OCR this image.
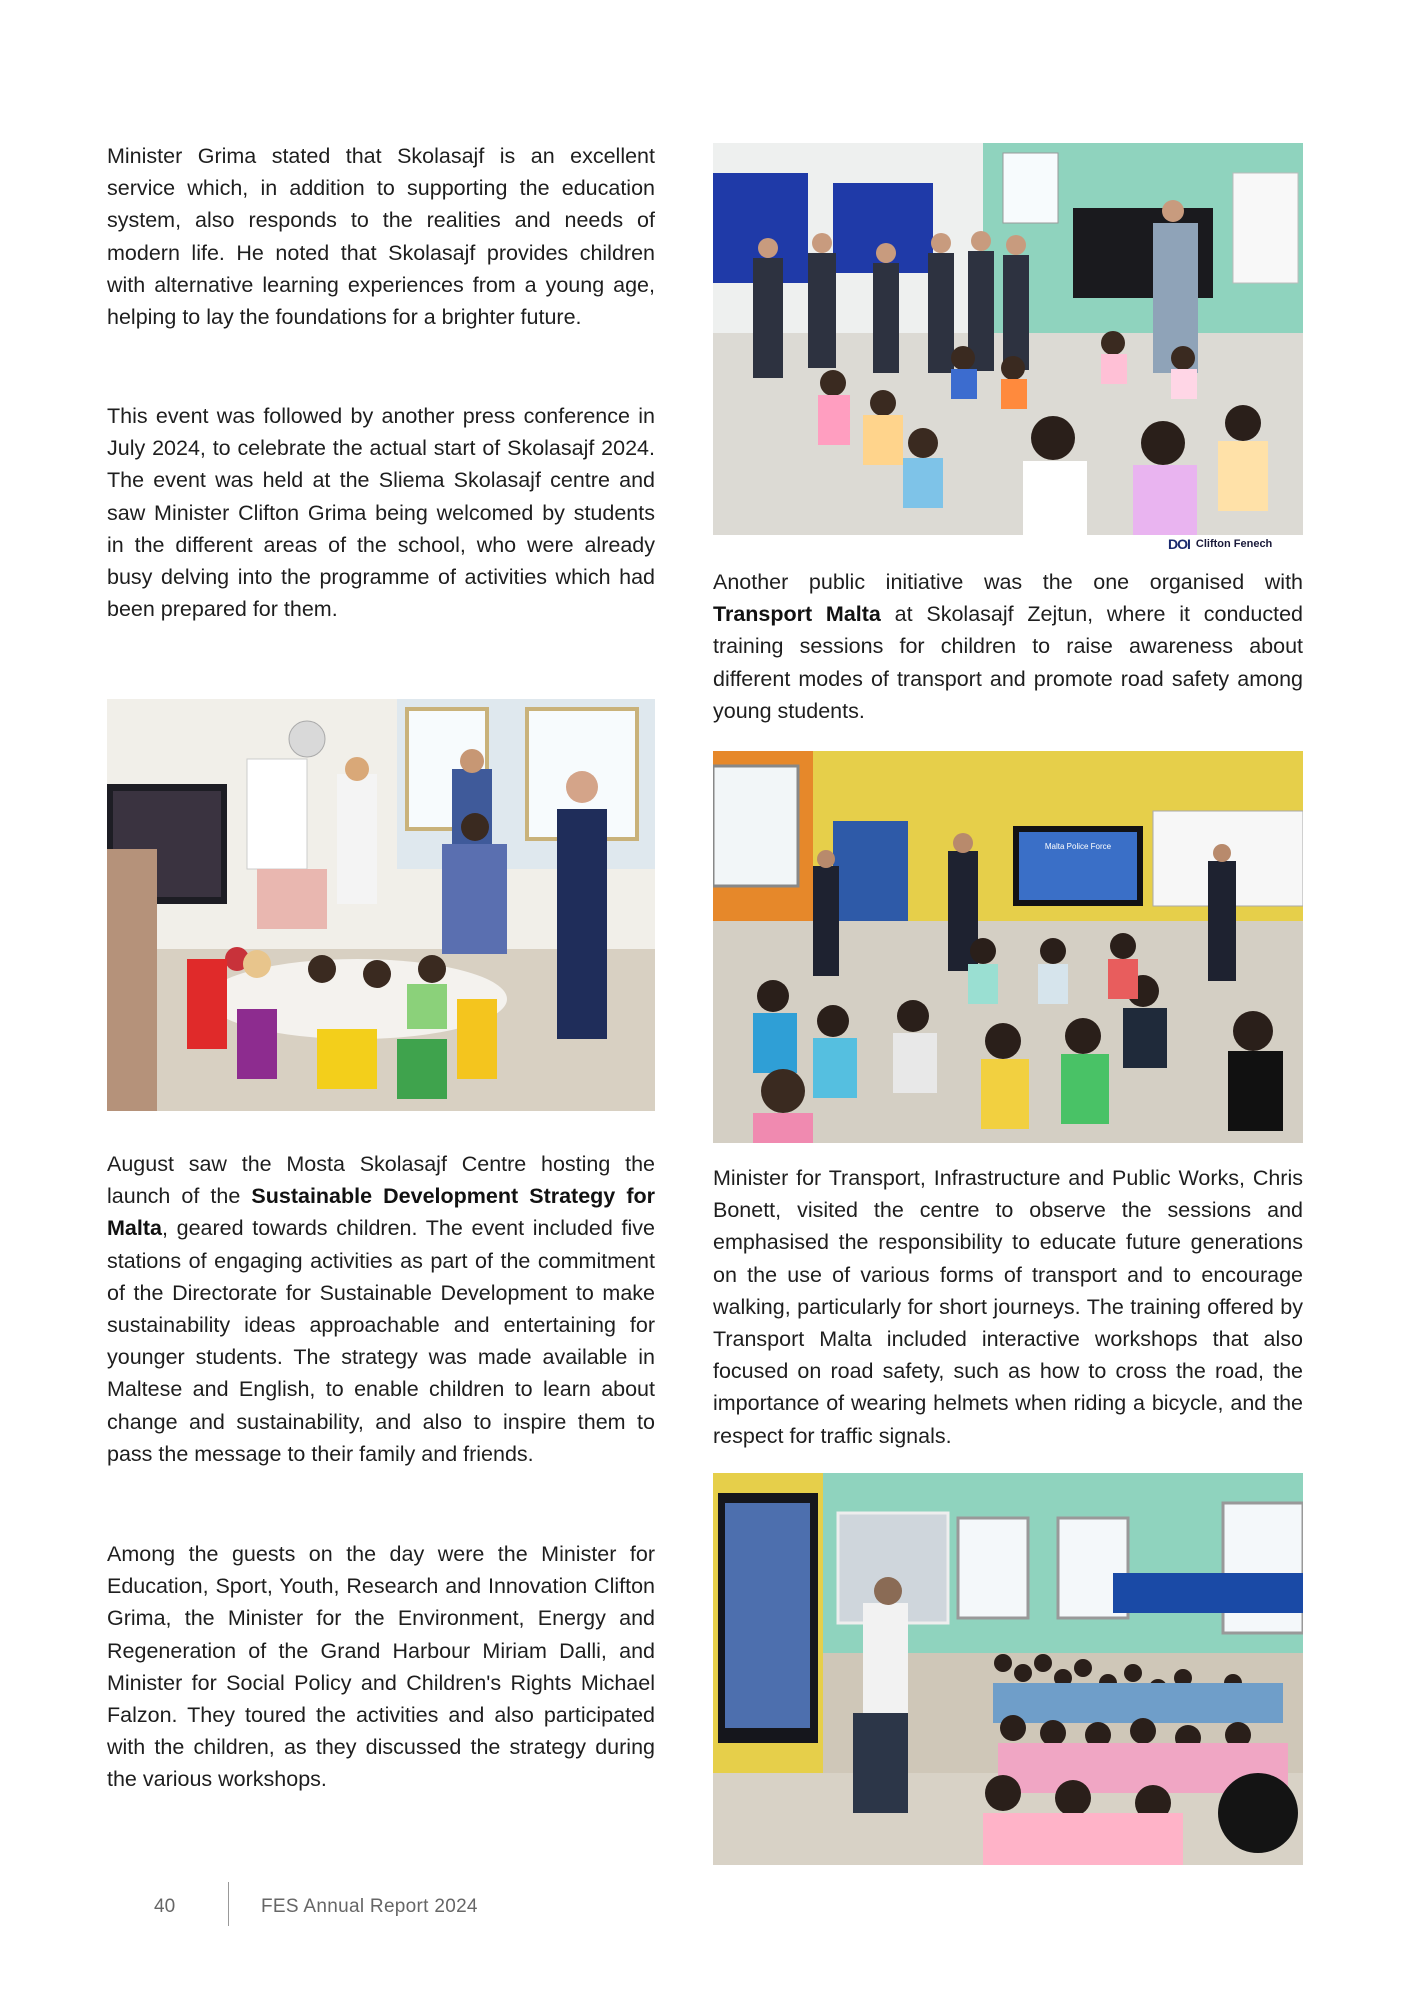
Minister Grima stated that Skolasajf is an excellent service which, in addition to supporting the education system, also responds to the realities and needs of modern life. He noted that Skolasajf provides children with alternative learning experiences from a young age, helping to lay the foundations for a brighter future.

This event was followed by another press conference in July 2024, to celebrate the actual start of Skolasajf 2024. The event was held at the Sliema Skolasajf centre and saw Minister Clifton Grima being welcomed by students in the different areas of the school, who were already busy delving into the programme of activities which had been prepared for them.

August saw the Mosta Skolasajf Centre hosting the launch of the Sustainable Development Strategy for Malta, geared towards children. The event included five stations of engaging activities as part of the commitment of the Directorate for Sustainable Development to make sustainability ideas approachable and entertaining for younger students. The strategy was made available in Maltese and English, to enable children to learn about change and sustainability, and also to inspire them to pass the message to their family and friends.

Among the guests on the day were the Minister for Education, Sport, Youth, Research and Innovation Clifton Grima, the Minister for the Environment, Energy and Regeneration of the Grand Harbour Miriam Dalli, and Minister for Social Policy and Children's Rights Michael Falzon. They toured the activities and also participated with the children, as they discussed the strategy during the various workshops.

DOI Clifton Fenech

Another public initiative was the one organised with Transport Malta at Skolasajf Zejtun, where it conducted training sessions for children to raise awareness about different modes of transport and promote road safety among young students.

Malta Police Force

Minister for Transport, Infrastructure and Public Works, Chris Bonett, visited the centre to observe the sessions and emphasised the responsibility to educate future generations on the use of various forms of transport and to encourage walking, particularly for short journeys. The training offered by Transport Malta included interactive workshops that also focused on road safety, such as how to cross the road, the importance of wearing helmets when riding a bicycle, and the respect for traffic signals.

40	FES Annual Report 2024
